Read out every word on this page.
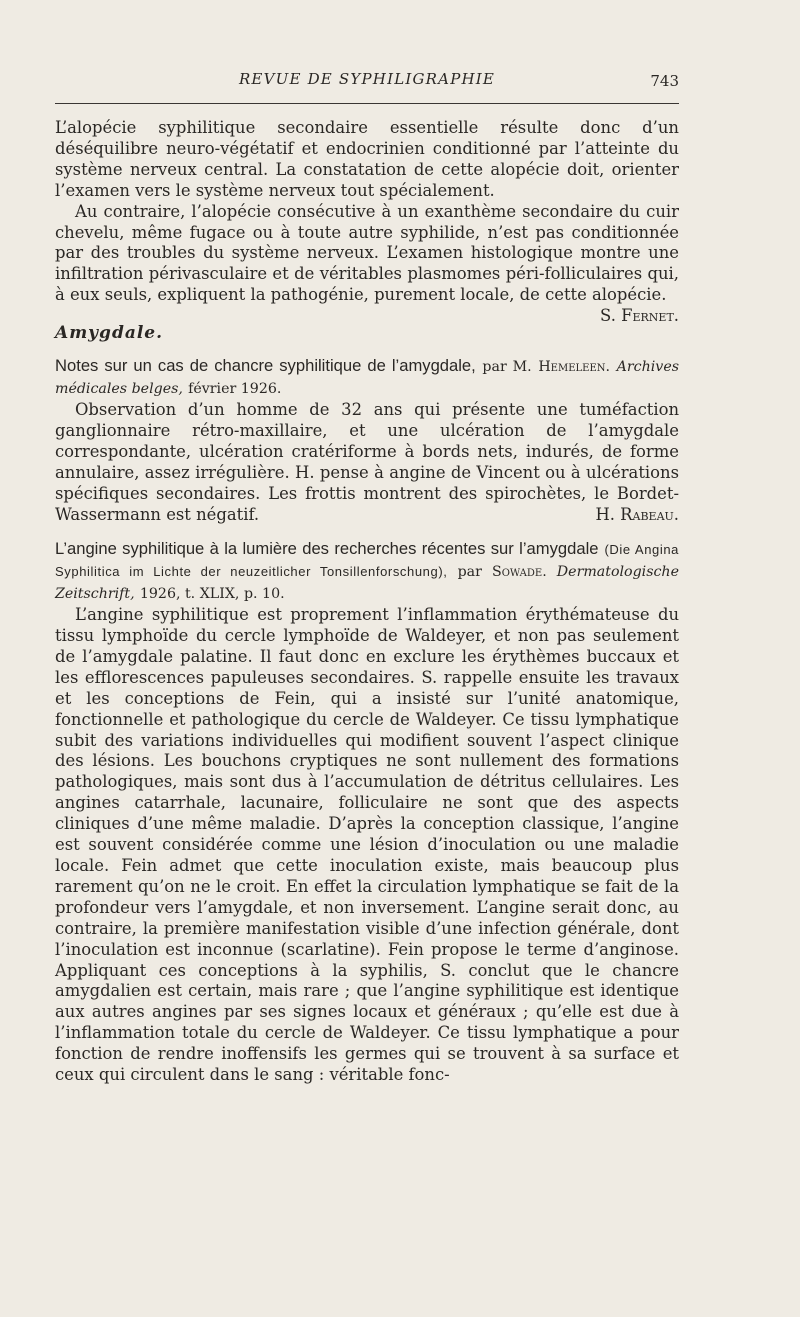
REVUE DE SYPHILIGRAPHIE	743

L’alopécie syphilitique secondaire essentielle résulte donc d’un déséquilibre neuro-végétatif et endocrinien conditionné par l’atteinte du système nerveux central. La constatation de cette alopécie doit, orienter l’examen vers le système nerveux tout spécialement.

Au contraire, l’alopécie consécutive à un exanthème secondaire du cuir chevelu, même fugace ou à toute autre syphilide, n’est pas conditionnée par des troubles du système nerveux. L’examen histologique montre une infiltration périvasculaire et de véritables plasmomes péri-folliculaires qui, à eux seuls, expliquent la pathogénie, purement locale, de cette alopécie.
S. Fernet.

Amygdale.

Notes sur un cas de chancre syphilitique de l’amygdale, par M. Hemeleen. Archives médicales belges, février 1926.

Observation d’un homme de 32 ans qui présente une tuméfaction ganglionnaire rétro-maxillaire, et une ulcération de l’amygdale correspondante, ulcération cratériforme à bords nets, indurés, de forme annulaire, assez irrégulière. H. pense à angine de Vincent ou à ulcérations spécifiques secondaires. Les frottis montrent des spirochètes, le Bordet-Wassermann est négatif.	H. Rabeau.

L’angine syphilitique à la lumière des recherches récentes sur l’amygdale (Die Angina Syphilitica im Lichte der neuzeitlicher Tonsillenforschung), par Sowade. Dermatologische Zeitschrift, 1926, t. XLIX, p. 10.

L’angine syphilitique est proprement l’inflammation érythémateuse du tissu lymphoïde du cercle lymphoïde de Waldeyer, et non pas seulement de l’amygdale palatine. Il faut donc en exclure les érythèmes buccaux et les efflorescences papuleuses secondaires. S. rappelle ensuite les travaux et les conceptions de Fein, qui a insisté sur l’unité anatomique, fonctionnelle et pathologique du cercle de Waldeyer. Ce tissu lymphatique subit des variations individuelles qui modifient souvent l’aspect clinique des lésions. Les bouchons cryptiques ne sont nullement des formations pathologiques, mais sont dus à l’accumulation de détritus cellulaires. Les angines catarrhale, lacunaire, folliculaire ne sont que des aspects cliniques d’une même maladie. D’après la conception classique, l’angine est souvent considérée comme une lésion d’inoculation ou une maladie locale. Fein admet que cette inoculation existe, mais beaucoup plus rarement qu’on ne le croit. En effet la circulation lymphatique se fait de la profondeur vers l’amygdale, et non inversement. L’angine serait donc, au contraire, la première manifestation visible d’une infection générale, dont l’inoculation est inconnue (scarlatine). Fein propose le terme d’anginose. Appliquant ces conceptions à la syphilis, S. conclut que le chancre amygdalien est certain, mais rare ; que l’angine syphilitique est identique aux autres angines par ses signes locaux et généraux ; qu’elle est due à l’inflammation totale du cercle de Waldeyer. Ce tissu lymphatique a pour fonction de rendre inoffensifs les germes qui se trouvent à sa surface et ceux qui circulent dans le sang : véritable fonc-
